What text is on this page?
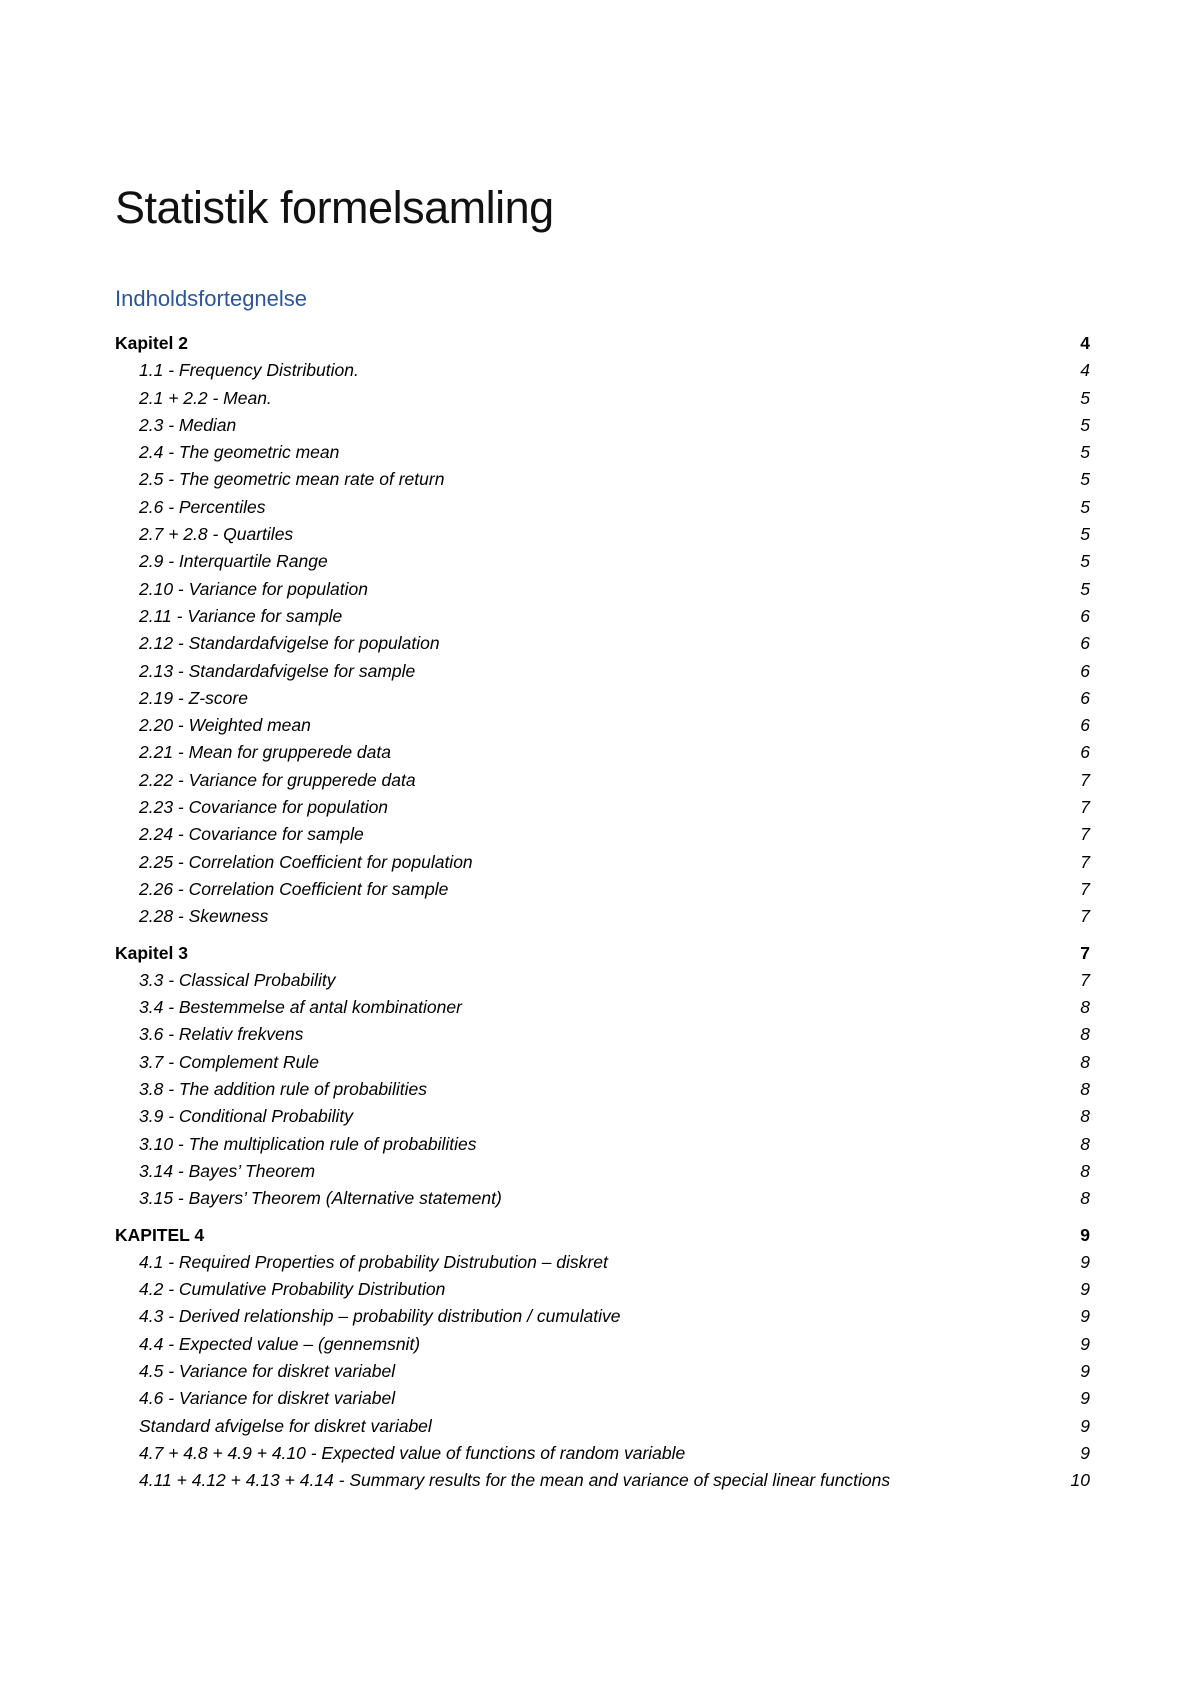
Statistik formelsamling
Indholdsfortegnelse
Kapitel 2	4
1.1 - Frequency Distribution.	4
2.1 + 2.2 - Mean.	5
2.3 - Median	5
2.4 - The geometric mean	5
2.5 - The geometric mean rate of return	5
2.6 - Percentiles	5
2.7 + 2.8 - Quartiles	5
2.9 - Interquartile Range	5
2.10 - Variance for population	5
2.11 - Variance for sample	6
2.12 - Standardafvigelse for population	6
2.13 - Standardafvigelse for sample	6
2.19 - Z-score	6
2.20 - Weighted mean	6
2.21 - Mean for grupperede data	6
2.22 - Variance for grupperede data	7
2.23 - Covariance for population	7
2.24 - Covariance for sample	7
2.25 - Correlation Coefficient for population	7
2.26 - Correlation Coefficient for sample	7
2.28 - Skewness	7
Kapitel 3	7
3.3 - Classical Probability	7
3.4 - Bestemmelse af antal kombinationer	8
3.6 - Relativ frekvens	8
3.7 - Complement Rule	8
3.8 - The addition rule of probabilities	8
3.9 - Conditional Probability	8
3.10 - The multiplication rule of probabilities	8
3.14 - Bayes’ Theorem	8
3.15 - Bayers’ Theorem (Alternative statement)	8
KAPITEL 4	9
4.1 - Required Properties of probability Distrubution – diskret	9
4.2 - Cumulative Probability Distribution	9
4.3 - Derived relationship – probability distribution / cumulative	9
4.4 - Expected value – (gennemsnit)	9
4.5 - Variance for diskret variabel	9
4.6 - Variance for diskret variabel	9
Standard afvigelse for diskret variabel	9
4.7 + 4.8 + 4.9 + 4.10 - Expected value of functions of random variable	9
4.11 + 4.12 + 4.13 + 4.14 - Summary results for the mean and variance of special linear functions	10
